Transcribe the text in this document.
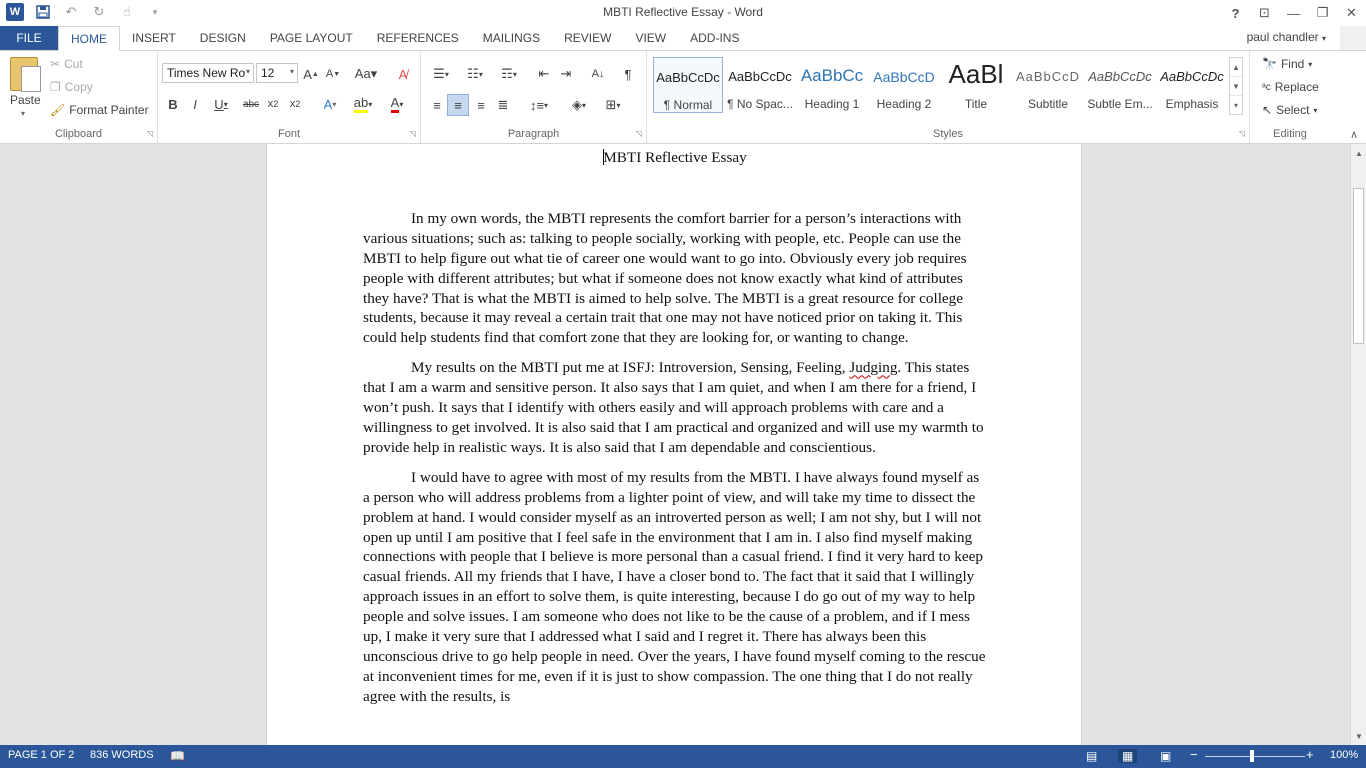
W	↶ ↻	☝	▾	MBTI Reflective Essay - Word	?	⊡	—	❐	✕
FILE	HOME	INSERT	DESIGN	PAGE LAYOUT	REFERENCES	MAILINGS	REVIEW	VIEW	ADD-INS	paul chandler ▾
Paste
▾
✂ Cut
❐ Copy
🖌 Format Painter
Clipboard	◹
Times New Ro ▾ 12 ▾ A ▲ A ▼ Aa▾	A̸
B	I	U ▾ abc x 2	x 2	A ▾ ab ▾ A ▾
Font	◹
☰ ▾	☷ ▾	☶ ▾ ⇤ ⇥	A↓	¶
≡	≡	≡ ≣	↕≡ ▾	◈ ▾	⊞ ▾
Paragraph	◹	Styles	◹
AaBbCcDc
¶ Normal
AaBbCcDc
¶ No Spac...
AaBbCc
Heading 1
AaBbCcD
Heading 2
AaBl
Title
AaBbCcD
Subtitle
AaBbCcDc
Subtle Em...
AaBbCcDc
Emphasis
▲
▼
▾
Editing
🔭 Find ▾
ᵃc Replace
↖ Select ▾
∧
MBTI Reflective Essay

In my own words, the MBTI represents the comfort barrier for a person’s interactions with various situations; such as: talking to people socially, working with people, etc. People can use the MBTI to help figure out what tie of career one would want to go into. Obviously every job requires people with different attributes; but what if someone does not know exactly what kind of attributes they have? That is what the MBTI is aimed to help solve. The MBTI is a great resource for college students, because it may reveal a certain trait that one may not have noticed prior on taking it. This could help students find that comfort zone that they are looking for, or wanting to change.

My results on the MBTI put me at ISFJ: Introversion, Sensing, Feeling, Judging. This states that I am a warm and sensitive person. It also says that I am quiet, and when I am there for a friend, I won’t push. It says that I identify with others easily and will approach problems with care and a willingness to get involved. It is also said that I am practical and organized and will use my warmth to provide help in realistic ways. It is also said that I am dependable and conscientious.

I would have to agree with most of my results from the MBTI. I have always found myself as a person who will address problems from a lighter point of view, and will take my time to dissect the problem at hand. I would consider myself as an introverted person as well; I am not shy, but I will not open up until I am positive that I feel safe in the environment that I am in. I also find myself making connections with people that I believe is more personal than a casual friend. I find it very hard to keep casual friends. All my friends that I have, I have a closer bond to. The fact that it said that I willingly approach issues in an effort to solve them, is quite interesting, because I do go out of my way to help people and solve issues. I am someone who does not like to be the cause of a problem, and if I mess up, I make it very sure that I addressed what I said and I regret it. There has always been this unconscious drive to go help people in need. Over the years, I have found myself coming to the rescue at inconvenient times for me, even if it is just to show compassion. The one thing that I do not really agree with the results, is

▲
▼
PAGE 1 OF 2 836 WORDS 📖	▤	▦	▣ −	+ 100%
